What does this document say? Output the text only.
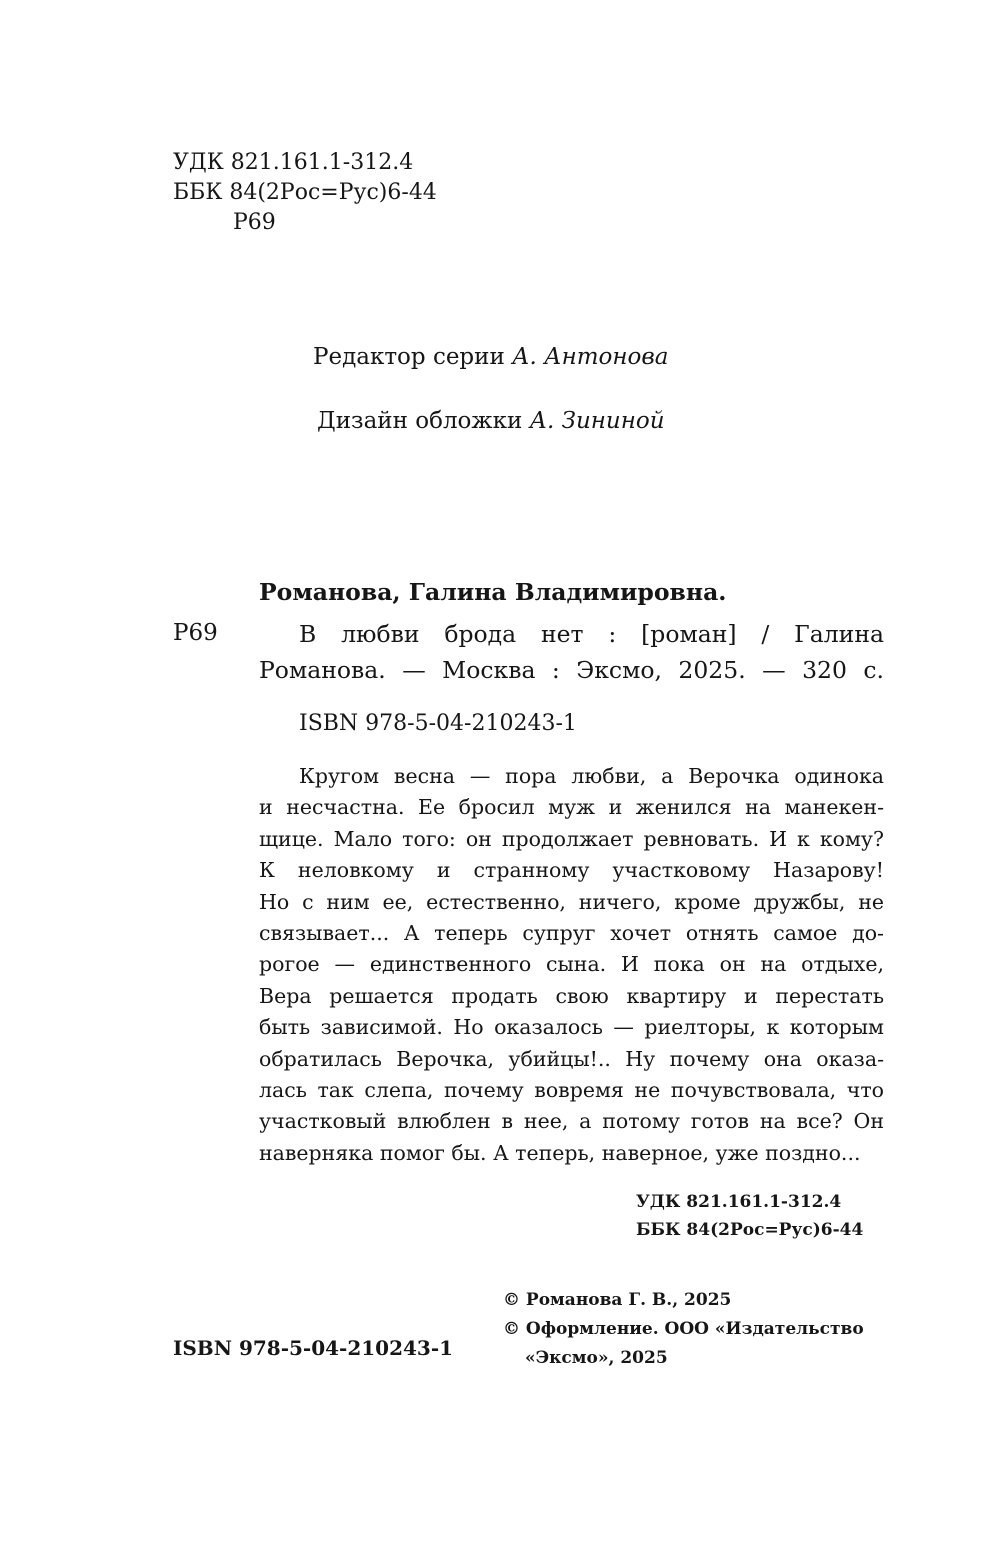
УДК 821.161.1-312.4
ББК 84(2Рос=Рус)6-44
Р69
Редактор серии А. Антонова
Дизайн обложки А. Зининой
Романова, Галина Владимировна.
Р69	В любви брода нет : [роман] / Галина
Романова. — Москва : Эксмо, 2025. — 320 с.
ISBN 978-5-04-210243-1
Кругом весна — пора любви, а Верочка одинока
и несчастна. Ее бросил муж и женился на манекен-
щице. Мало того: он продолжает ревновать. И к кому?
К неловкому и странному участковому Назарову!
Но с ним ее, естественно, ничего, кроме дружбы, не
связывает... А теперь супруг хочет отнять самое до-
рогое — единственного сына. И пока он на отдыхе,
Вера решается продать свою квартиру и перестать
быть зависимой. Но оказалось — риелторы, к которым
обратилась Верочка, убийцы!.. Ну почему она оказа-
лась так слепа, почему вовремя не почувствовала, что
участковый влюблен в нее, а потому готов на все? Он
наверняка помог бы. А теперь, наверное, уже поздно...
УДК 821.161.1-312.4
ББК 84(2Рос=Рус)6-44
© Романова Г. В., 2025
© Оформление. ООО «Издательство
«Эксмо», 2025
ISBN 978-5-04-210243-1
